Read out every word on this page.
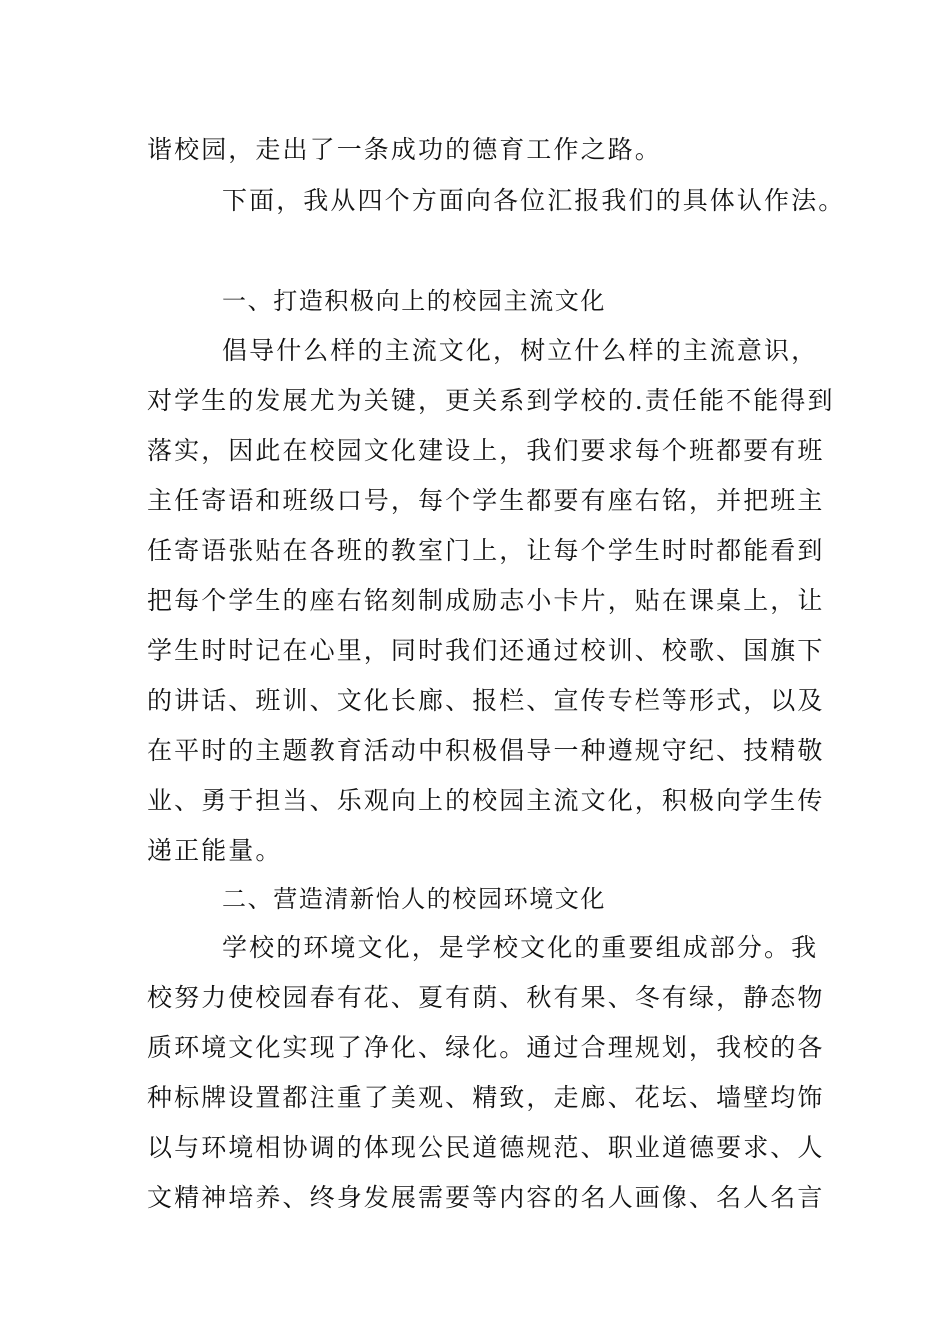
谐校园，走出了一条成功的德育工作之路。
下面，我从四个方面向各位汇报我们的具体认作法。
一、打造积极向上的校园主流文化
倡导什么样的主流文化，树立什么样的主流意识，
对学生的发展尤为关键，更关系到学校的.责任能不能得到
落实，因此在校园文化建设上，我们要求每个班都要有班
主任寄语和班级口号，每个学生都要有座右铭，并把班主
任寄语张贴在各班的教室门上，让每个学生时时都能看到
把每个学生的座右铭刻制成励志小卡片，贴在课桌上，让
学生时时记在心里，同时我们还通过校训、校歌、国旗下
的讲话、班训、文化长廊、报栏、宣传专栏等形式，以及
在平时的主题教育活动中积极倡导一种遵规守纪、技精敬
业、勇于担当、乐观向上的校园主流文化，积极向学生传
递正能量。
二、营造清新怡人的校园环境文化
学校的环境文化，是学校文化的重要组成部分。我
校努力使校园春有花、夏有荫、秋有果、冬有绿，静态物
质环境文化实现了净化、绿化。通过合理规划，我校的各
种标牌设置都注重了美观、精致，走廊、花坛、墙壁均饰
以与环境相协调的体现公民道德规范、职业道德要求、人
文精神培养、终身发展需要等内容的名人画像、名人名言
